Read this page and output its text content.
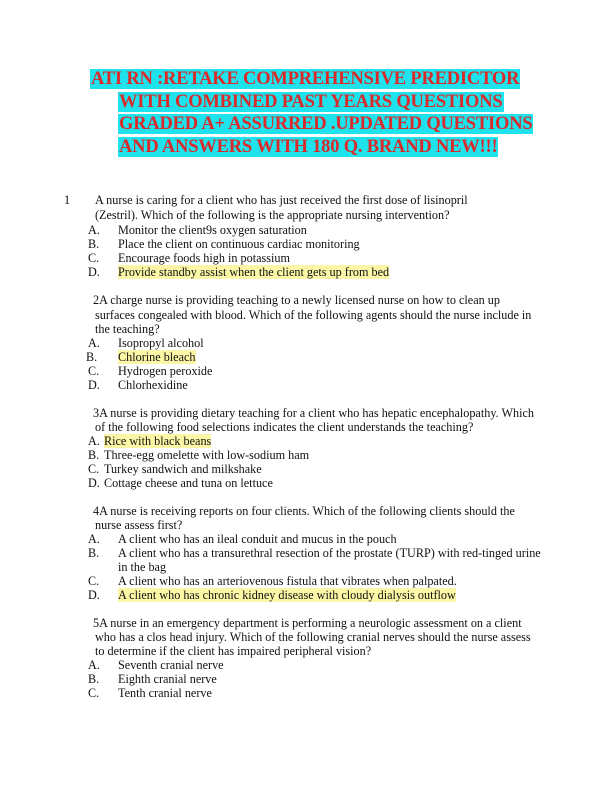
ATI RN :RETAKE COMPREHENSIVE PREDICTOR
WITH COMBINED PAST YEARS QUESTIONS
GRADED A+ ASSURRED .UPDATED QUESTIONS
AND ANSWERS WITH 180 Q. BRAND NEW!!!
1 A nurse is caring for a client who has just received the first dose of lisinopril
(Zestril). Which of the following is the appropriate nursing intervention?
A. Monitor the client9s oxygen saturation
B. Place the client on continuous cardiac monitoring
C. Encourage foods high in potassium
D. Provide standby assist when the client gets up from bed
2A charge nurse is providing teaching to a newly licensed nurse on how to clean up
surfaces congealed with blood. Which of the following agents should the nurse include in
the teaching?
A. Isopropyl alcohol
B. Chlorine bleach
C. Hydrogen peroxide
D. Chlorhexidine
3A nurse is providing dietary teaching for a client who has hepatic encephalopathy. Which
of the following food selections indicates the client understands the teaching?
A. Rice with black beans
B. Three-egg omelette with low-sodium ham
C. Turkey sandwich and milkshake
D. Cottage cheese and tuna on lettuce
4A nurse is receiving reports on four clients. Which of the following clients should the
nurse assess first?
A. A client who has an ileal conduit and mucus in the pouch
B. A client who has a transurethral resection of the prostate (TURP) with red-tinged urine
in the bag
C. A client who has an arteriovenous fistula that vibrates when palpated.
D. A client who has chronic kidney disease with cloudy dialysis outflow
5A nurse in an emergency department is performing a neurologic assessment on a client
who has a clos head injury. Which of the following cranial nerves should the nurse assess
to determine if the client has impaired peripheral vision?
A. Seventh cranial nerve
B. Eighth cranial nerve
C. Tenth cranial nerve
